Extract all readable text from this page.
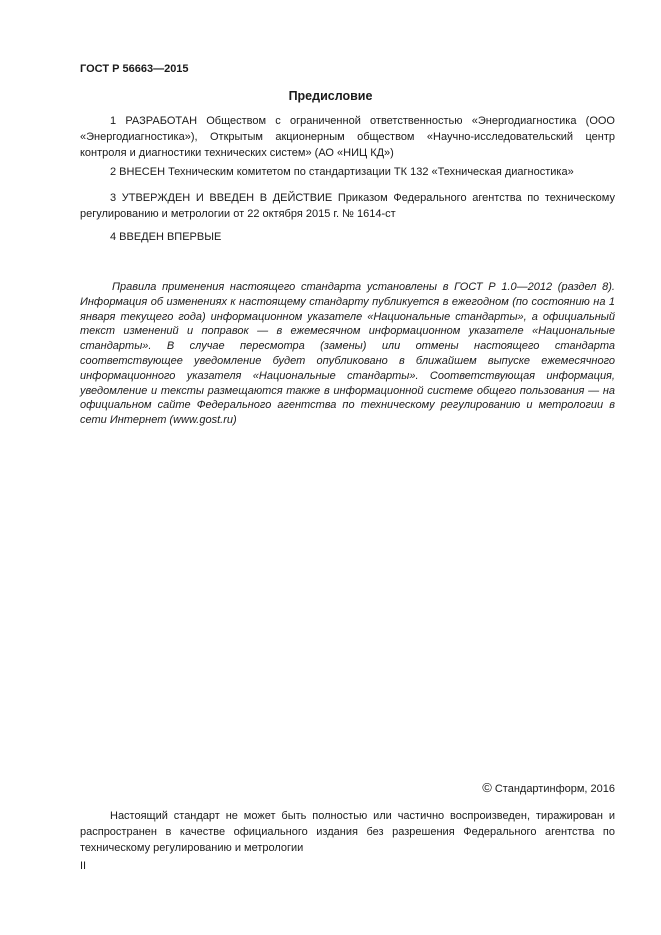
ГОСТ Р 56663—2015
Предисловие

1 РАЗРАБОТАН Обществом с ограниченной ответственностью «Энергодиагностика (ООО «Энергодиагностика»), Открытым акционерным обществом «Научно-исследовательский центр контроля и диагностики технических систем» (АО «НИЦ КД»)

2 ВНЕСЕН Техническим комитетом по стандартизации ТК 132 «Техническая диагностика»

3 УТВЕРЖДЕН И ВВЕДЕН В ДЕЙСТВИЕ Приказом Федерального агентства по техническому регулированию и метрологии от 22 октября 2015 г. № 1614-ст

4 ВВЕДЕН ВПЕРВЫЕ

Правила применения настоящего стандарта установлены в ГОСТ Р 1.0—2012 (раздел 8). Информация об изменениях к настоящему стандарту публикуется в ежегодном (по состоянию на 1 января текущего года) информационном указателе «Национальные стандарты», а официальный текст изменений и поправок — в ежемесячном информационном указателе «Национальные стандарты». В случае пересмотра (замены) или отмены настоящего стандарта соответствующее уведомление будет опубликовано в ближайшем выпуске ежемесячного информационного указателя «Национальные стандарты». Соответствующая информация, уведомление и тексты размещаются также в информационной системе общего пользования — на официальном сайте Федерального агентства по техническому регулированию и метрологии в сети Интернет (www.gost.ru)

© Стандартинформ, 2016

Настоящий стандарт не может быть полностью или частично воспроизведен, тиражирован и распространен в качестве официального издания без разрешения Федерального агентства по техническому регулированию и метрологии

II
